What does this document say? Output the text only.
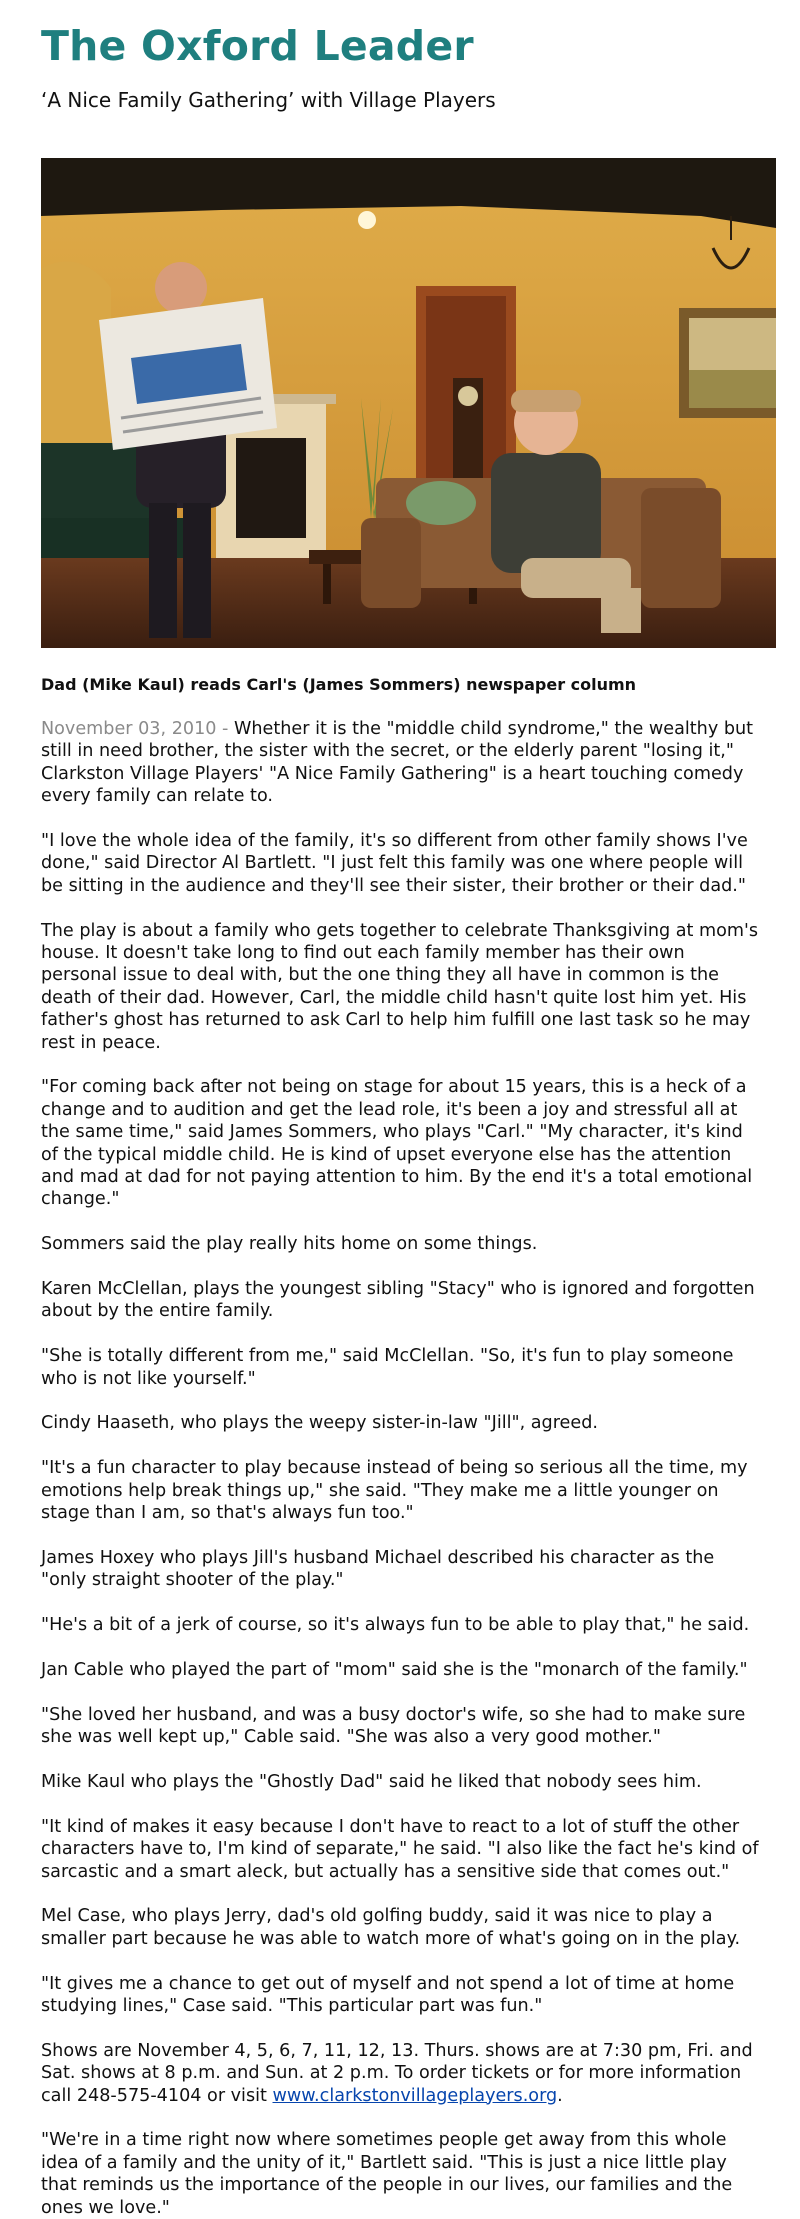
The Oxford Leader
‘A Nice Family Gathering’ with Village Players

Dad (Mike Kaul) reads Carl's (James Sommers) newspaper column

November 03, 2010 - Whether it is the "middle child syndrome," the wealthy but still in need brother, the sister with the secret, or the elderly parent "losing it," Clarkston Village Players' "A Nice Family Gathering" is a heart touching comedy every family can relate to.

"I love the whole idea of the family, it's so different from other family shows I've done," said Director Al Bartlett. "I just felt this family was one where people will be sitting in the audience and they'll see their sister, their brother or their dad."

The play is about a family who gets together to celebrate Thanksgiving at mom's house. It doesn't take long to find out each family member has their own personal issue to deal with, but the one thing they all have in common is the death of their dad. However, Carl, the middle child hasn't quite lost him yet. His father's ghost has returned to ask Carl to help him fulfill one last task so he may rest in peace.

"For coming back after not being on stage for about 15 years, this is a heck of a change and to audition and get the lead role, it's been a joy and stressful all at the same time," said James Sommers, who plays "Carl." "My character, it's kind of the typical middle child. He is kind of upset everyone else has the attention and mad at dad for not paying attention to him. By the end it's a total emotional change."

Sommers said the play really hits home on some things.

Karen McClellan, plays the youngest sibling "Stacy" who is ignored and forgotten about by the entire family.

"She is totally different from me," said McClellan. "So, it's fun to play someone who is not like yourself."

Cindy Haaseth, who plays the weepy sister-in-law "Jill", agreed.

"It's a fun character to play because instead of being so serious all the time, my emotions help break things up," she said. "They make me a little younger on stage than I am, so that's always fun too."

James Hoxey who plays Jill's husband Michael described his character as the "only straight shooter of the play."

"He's a bit of a jerk of course, so it's always fun to be able to play that," he said.

Jan Cable who played the part of "mom" said she is the "monarch of the family."

"She loved her husband, and was a busy doctor's wife, so she had to make sure she was well kept up," Cable said. "She was also a very good mother."

Mike Kaul who plays the "Ghostly Dad" said he liked that nobody sees him.

"It kind of makes it easy because I don't have to react to a lot of stuff the other characters have to, I'm kind of separate," he said. "I also like the fact he's kind of sarcastic and a smart aleck, but actually has a sensitive side that comes out."

Mel Case, who plays Jerry, dad's old golfing buddy, said it was nice to play a smaller part because he was able to watch more of what's going on in the play.

"It gives me a chance to get out of myself and not spend a lot of time at home studying lines," Case said. "This particular part was fun."

Shows are November 4, 5, 6, 7, 11, 12, 13. Thurs. shows are at 7:30 pm, Fri. and Sat. shows at 8 p.m. and Sun. at 2 p.m. To order tickets or for more information call 248-575-4104 or visit www.clarkstonvillageplayers.org.

"We're in a time right now where sometimes people get away from this whole idea of a family and the unity of it," Bartlett said. "This is just a nice little play that reminds us the importance of the people in our lives, our families and the ones we love."
